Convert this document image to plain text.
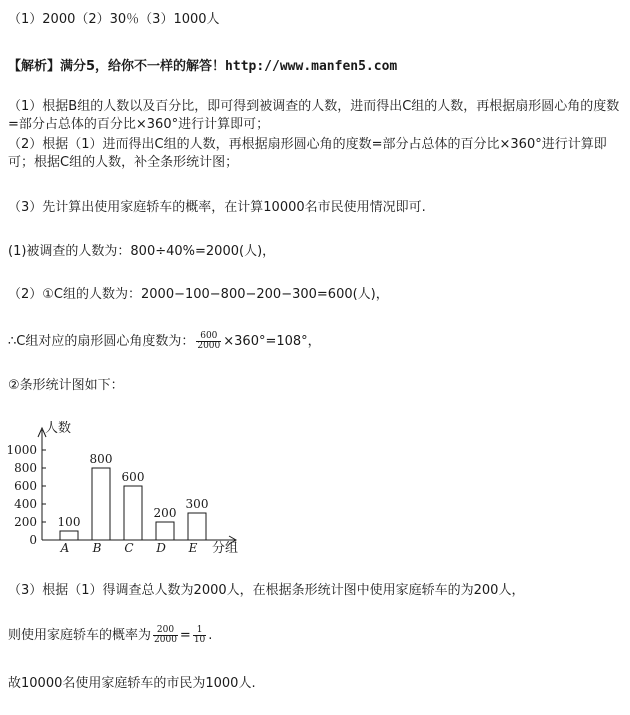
（1）2000（2）30％（3）1000人
【解析】满分5，给你不一样的解答！http://www.manfen5.com
（1）根据B组的人数以及百分比，即可得到被调查的人数，进而得出C组的人数，再根据扇形圆心角的度数=部分占总体的百分比×360°进行计算即可；
（2）根据（1）进而得出C组的人数，再根据扇形圆心角的度数=部分占总体的百分比×360°进行计算即可；根据C组的人数，补全条形统计图；
（3）先计算出使用家庭轿车的概率，在计算10000名市民使用情况即可.
(1)被调查的人数为：800÷40%=2000(人)，
（2）①C组的人数为：2000−100−800−200−300=600(人)，
∴C组对应的扇形圆心角度数为： $\frac{600}{2000} \times 360^\circ=108^\circ$，
②条形统计图如下：
人数
分组
0
200
400
600
800
1000
100
A
800
B
600
C
200
D
300
E
（3）根据（1）得调查总人数为2000人，在根据条形统计图中使用家庭轿车的为200人，
则使用家庭轿车的概率为 $\frac{200}{2000} = \frac{1}{10}$ .
故10000名使用家庭轿车的市民为1000人.
